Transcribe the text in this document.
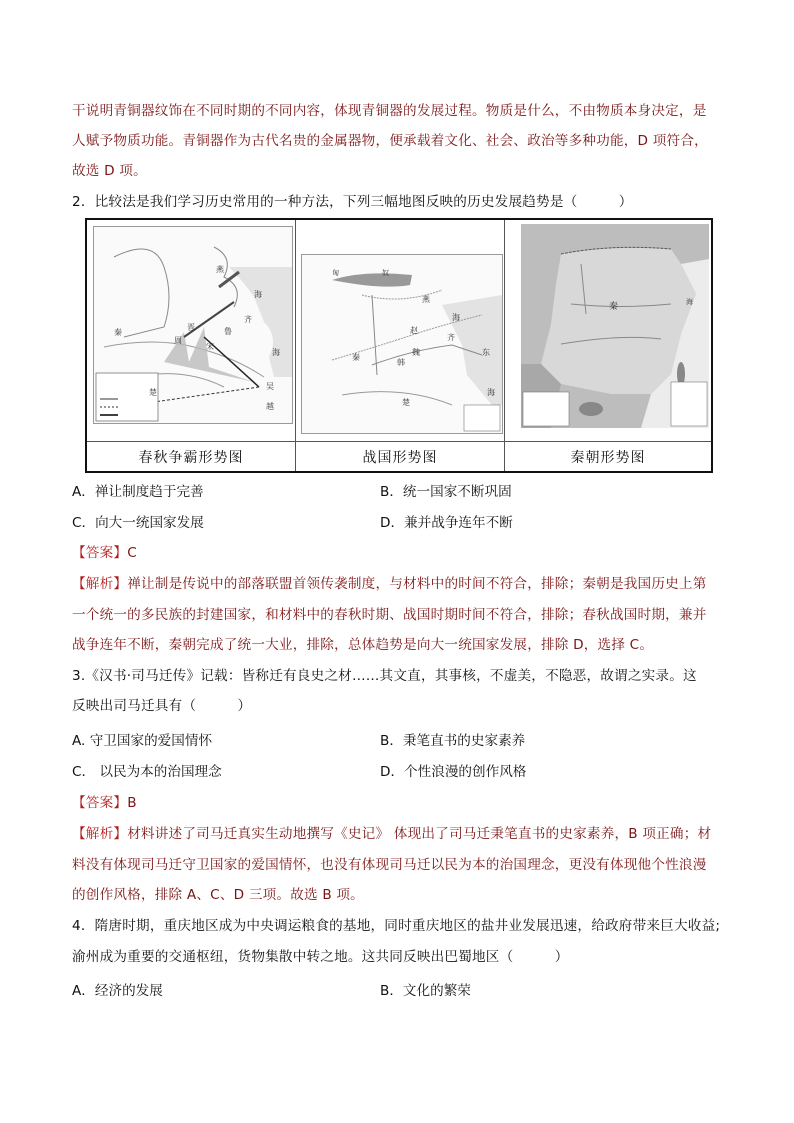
干说明青铜器纹饰在不同时期的不同内容，体现青铜器的发展过程。物质是什么，不由物质本身决定，是
人赋予物质功能。青铜器作为古代名贵的金属器物，便承载着文化、社会、政治等多种功能，D 项符合，
故选 D 项。
2．比较法是我们学习历史常用的一种方法，下列三幅地图反映的历史发展趋势是（　　　）
燕
海
海
晋
秦
周
齐
鲁
宋
楚
吴
越
匈	奴
燕
海
东
海
赵
齐
秦
魏
韩
楚
秦	海
春秋争霸形势图	战国形势图	秦朝形势图
A．禅让制度趋于完善	B．统一国家不断巩固
C．向大一统国家发展	D．兼并战争连年不断
【答案】C
【解析】禅让制是传说中的部落联盟首领传袭制度，与材料中的时间不符合，排除；秦朝是我国历史上第
一个统一的多民族的封建国家，和材料中的春秋时期、战国时期时间不符合，排除；春秋战国时期，兼并
战争连年不断，秦朝完成了统一大业，排除，总体趋势是向大一统国家发展，排除 D，选择 C。
3.《汉书·司马迁传》记载：皆称迁有良史之材……其文直，其事核，不虚美，不隐恶，故谓之实录。这
反映出司马迁具有（　　　）
A. 守卫国家的爱国情怀	B．秉笔直书的史家素养
C． 以民为本的治国理念	D．个性浪漫的创作风格
【答案】B
【解析】材料讲述了司马迁真实生动地撰写《史记》 体现出了司马迁秉笔直书的史家素养，B 项正确；材
料没有体现司马迁守卫国家的爱国情怀，也没有体现司马迁以民为本的治国理念，更没有体现他个性浪漫
的创作风格，排除 A、C、D 三项。故选 B 项。
4．隋唐时期，重庆地区成为中央调运粮食的基地，同时重庆地区的盐井业发展迅速，给政府带来巨大收益;
渝州成为重要的交通枢纽，货物集散中转之地。这共同反映出巴蜀地区（　　　）
A．经济的发展	B．文化的繁荣
